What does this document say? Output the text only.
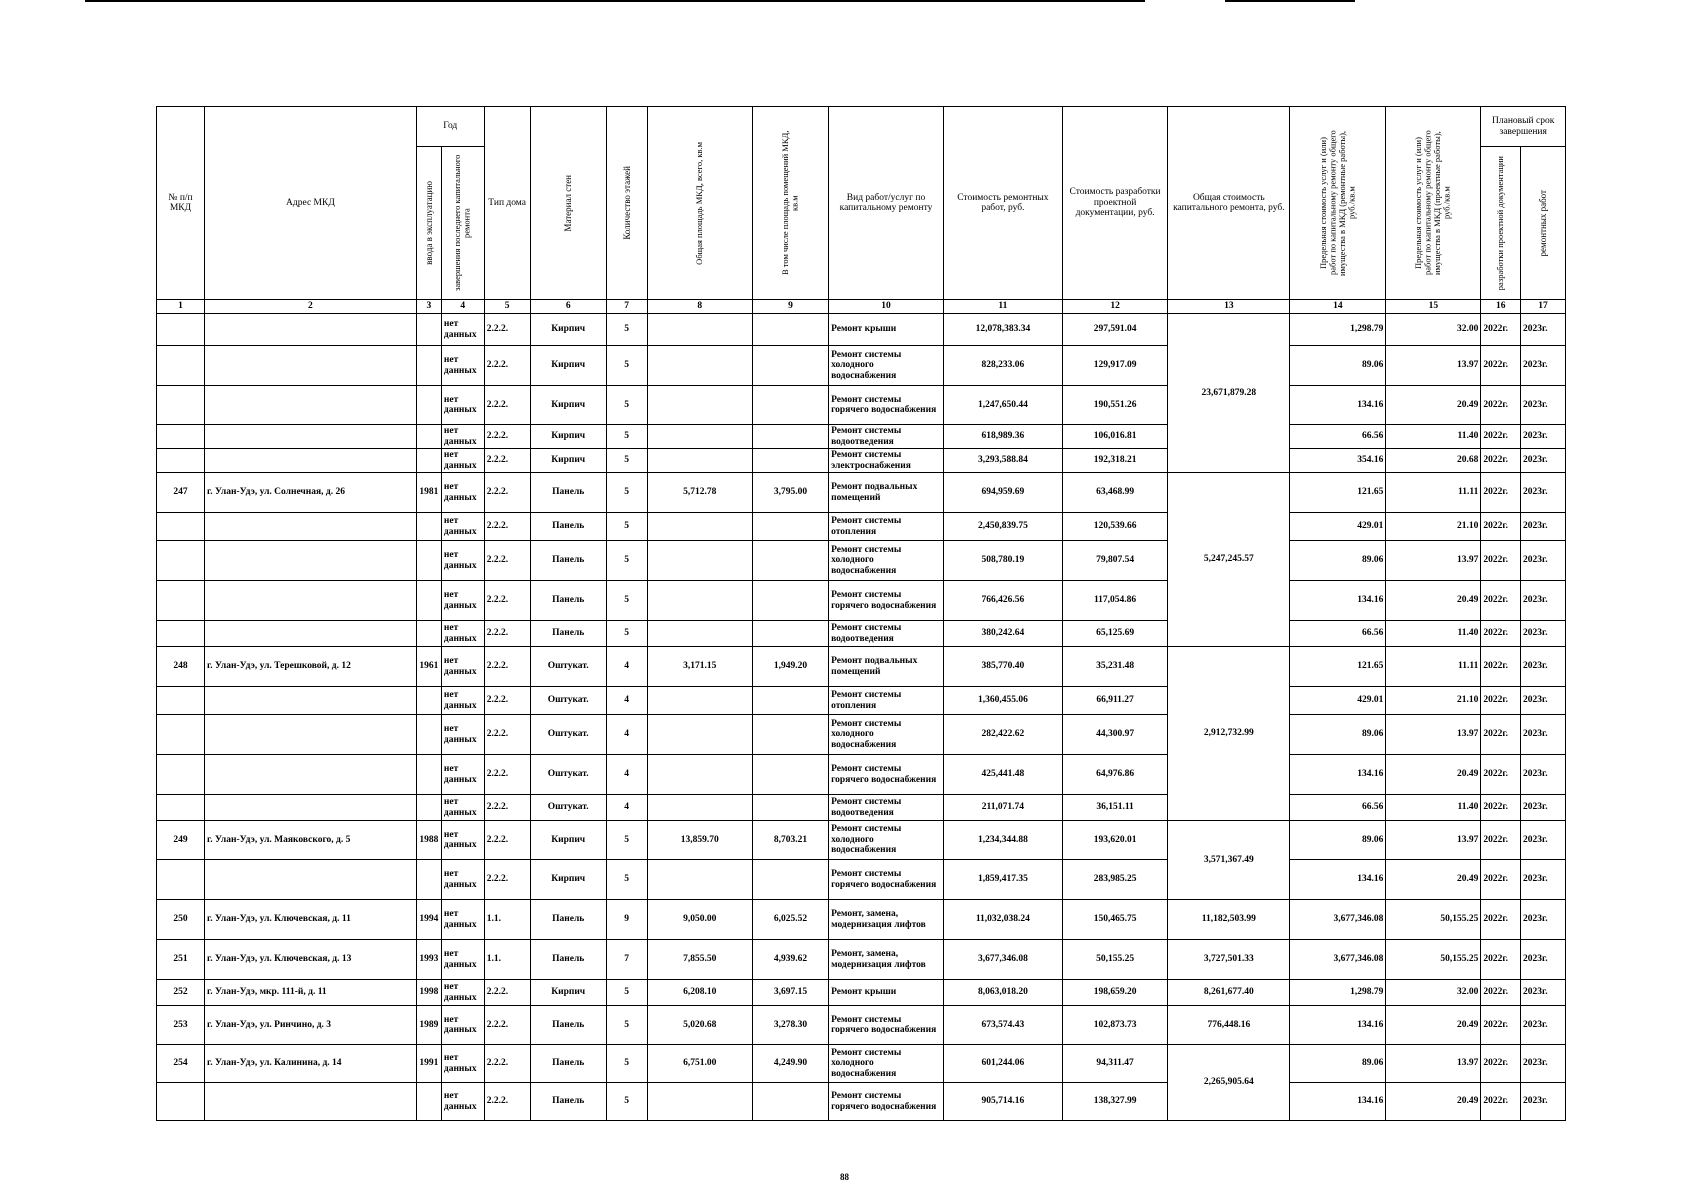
№ п/п МКД	Адрес МКД	Год		Тип дома	Материал стен	Количество этажей	Общая площадь МКД, всего, кв.м	В том числе площадь помещений МКД, кв.м	Вид работ/услуг по капитальному ремонту	Стоимость ремонтных работ, руб.	Стоимость разработки проектной документации, руб.	Общая стоимость капитального ремонта, руб.	Предельная стоимость услуг и (или) работ по капитальному ремонту общего имущества в МКД (ремонтные работы), руб./кв.м	Предельная стоимость услуг и (или) работ по капитальному ремонту общего имущества в МКД (проектные работы), руб./кв.м	Плановый срок завершения	

		ввода в эксплуатацию	завершения последнего капитального ремонта												разработки проектной документации	ремонтных работ

1	2	3	4	5	6	7	8	9	10	11	12	13	14	15	16	17
			нет данных	2.2.2.	Кирпич	5			Ремонт крыши	12,078,383.34	297,591.04	23,671,879.28	1,298.79	32.00	2022г.	2023г.
			нет данных	2.2.2.	Кирпич	5			Ремонт системы холодного водоснабжения	828,233.06	129,917.09		89.06	13.97	2022г.	2023г.
			нет данных	2.2.2.	Кирпич	5			Ремонт системы горячего водоснабжения	1,247,650.44	190,551.26		134.16	20.49	2022г.	2023г.
			нет данных	2.2.2.	Кирпич	5			Ремонт системы водоотведения	618,989.36	106,016.81		66.56	11.40	2022г.	2023г.
			нет данных	2.2.2.	Кирпич	5			Ремонт системы электроснабжения	3,293,588.84	192,318.21		354.16	20.68	2022г.	2023г.
247	г. Улан-Удэ, ул. Солнечная, д. 26	1981	нет данных	2.2.2.	Панель	5	5,712.78	3,795.00	Ремонт подвальных помещений	694,959.69	63,468.99	5,247,245.57	121.65	11.11	2022г.	2023г.
			нет данных	2.2.2.	Панель	5			Ремонт системы отопления	2,450,839.75	120,539.66		429.01	21.10	2022г.	2023г.
			нет данных	2.2.2.	Панель	5			Ремонт системы холодного водоснабжения	508,780.19	79,807.54		89.06	13.97	2022г.	2023г.
			нет данных	2.2.2.	Панель	5			Ремонт системы горячего водоснабжения	766,426.56	117,054.86		134.16	20.49	2022г.	2023г.
			нет данных	2.2.2.	Панель	5			Ремонт системы водоотведения	380,242.64	65,125.69		66.56	11.40	2022г.	2023г.
248	г. Улан-Удэ, ул. Терешковой, д. 12	1961	нет данных	2.2.2.	Оштукат.	4	3,171.15	1,949.20	Ремонт подвальных помещений	385,770.40	35,231.48	2,912,732.99	121.65	11.11	2022г.	2023г.
			нет данных	2.2.2.	Оштукат.	4			Ремонт системы отопления	1,360,455.06	66,911.27		429.01	21.10	2022г.	2023г.
			нет данных	2.2.2.	Оштукат.	4			Ремонт системы холодного водоснабжения	282,422.62	44,300.97		89.06	13.97	2022г.	2023г.
			нет данных	2.2.2.	Оштукат.	4			Ремонт системы горячего водоснабжения	425,441.48	64,976.86		134.16	20.49	2022г.	2023г.
			нет данных	2.2.2.	Оштукат.	4			Ремонт системы водоотведения	211,071.74	36,151.11		66.56	11.40	2022г.	2023г.
249	г. Улан-Удэ, ул. Маяковского, д. 5	1988	нет данных	2.2.2.	Кирпич	5	13,859.70	8,703.21	Ремонт системы холодного водоснабжения	1,234,344.88	193,620.01	3,571,367.49	89.06	13.97	2022г.	2023г.
			нет данных	2.2.2.	Кирпич	5			Ремонт системы горячего водоснабжения	1,859,417.35	283,985.25		134.16	20.49	2022г.	2023г.
250	г. Улан-Удэ, ул. Ключевская, д. 11	1994	нет данных	1.1.	Панель	9	9,050.00	6,025.52	Ремонт, замена, модернизация лифтов	11,032,038.24	150,465.75	11,182,503.99	3,677,346.08	50,155.25	2022г.	2023г.
251	г. Улан-Удэ, ул. Ключевская, д. 13	1993	нет данных	1.1.	Панель	7	7,855.50	4,939.62	Ремонт, замена, модернизация лифтов	3,677,346.08	50,155.25	3,727,501.33	3,677,346.08	50,155.25	2022г.	2023г.
252	г. Улан-Удэ, мкр. 111-й, д. 11	1998	нет данных	2.2.2.	Кирпич	5	6,208.10	3,697.15	Ремонт крыши	8,063,018.20	198,659.20	8,261,677.40	1,298.79	32.00	2022г.	2023г.
253	г. Улан-Удэ, ул. Ринчино, д. 3	1989	нет данных	2.2.2.	Панель	5	5,020.68	3,278.30	Ремонт системы горячего водоснабжения	673,574.43	102,873.73	776,448.16	134.16	20.49	2022г.	2023г.
254	г. Улан-Удэ, ул. Калинина, д. 14	1991	нет данных	2.2.2.	Панель	5	6,751.00	4,249.90	Ремонт системы холодного водоснабжения	601,244.06	94,311.47	2,265,905.64	89.06	13.97	2022г.	2023г.
			нет данных	2.2.2.	Панель	5			Ремонт системы горячего водоснабжения	905,714.16	138,327.99		134.16	20.49	2022г.	2023г.
88
